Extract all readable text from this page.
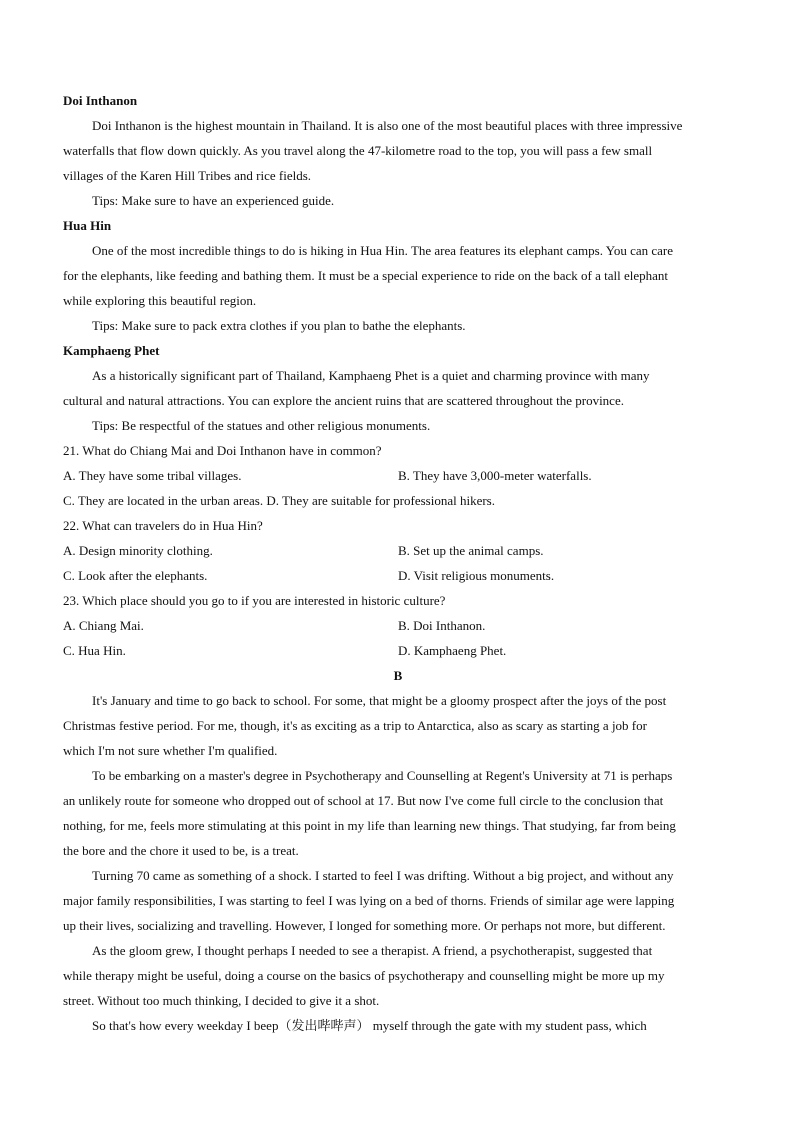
Doi Inthanon
Doi Inthanon is the highest mountain in Thailand. It is also one of the most beautiful places with three impressive
waterfalls that flow down quickly. As you travel along the 47-kilometre road to the top, you will pass a few small
villages of the Karen Hill Tribes and rice fields.
Tips: Make sure to have an experienced guide.
Hua Hin
One of the most incredible things to do is hiking in Hua Hin. The area features its elephant camps. You can care
for the elephants, like feeding and bathing them. It must be a special experience to ride on the back of a tall elephant
while exploring this beautiful region.
Tips: Make sure to pack extra clothes if you plan to bathe the elephants.
Kamphaeng Phet
As a historically significant part of Thailand, Kamphaeng Phet is a quiet and charming province with many
cultural and natural attractions. You can explore the ancient ruins that are scattered throughout the province.
Tips: Be respectful of the statues and other religious monuments.
21. What do Chiang Mai and Doi Inthanon have in common?
A. They have some tribal villages.	B. They have 3,000-meter waterfalls.
C. They are located in the urban areas. D. They are suitable for professional hikers.
22. What can travelers do in Hua Hin?
A. Design minority clothing.	B. Set up the animal camps.
C. Look after the elephants.	D. Visit religious monuments.
23. Which place should you go to if you are interested in historic culture?
A. Chiang Mai.	B. Doi Inthanon.
C. Hua Hin.	D. Kamphaeng Phet.
B
It's January and time to go back to school. For some, that might be a gloomy prospect after the joys of the post
Christmas festive period. For me, though, it's as exciting as a trip to Antarctica, also as scary as starting a job for
which I'm not sure whether I'm qualified.
To be embarking on a master's degree in Psychotherapy and Counselling at Regent's University at 71 is perhaps
an unlikely route for someone who dropped out of school at 17. But now I've come full circle to the conclusion that
nothing, for me, feels more stimulating at this point in my life than learning new things. That studying, far from being
the bore and the chore it used to be, is a treat.
Turning 70 came as something of a shock. I started to feel I was drifting. Without a big project, and without any
major family responsibilities, I was starting to feel I was lying on a bed of thorns. Friends of similar age were lapping
up their lives, socializing and travelling. However, I longed for something more. Or perhaps not more, but different.
As the gloom grew, I thought perhaps I needed to see a therapist. A friend, a psychotherapist, suggested that
while therapy might be useful, doing a course on the basics of psychotherapy and counselling might be more up my
street. Without too much thinking, I decided to give it a shot.
So that's how every weekday I beep（发出哔哔声） myself through the gate with my student pass, which
